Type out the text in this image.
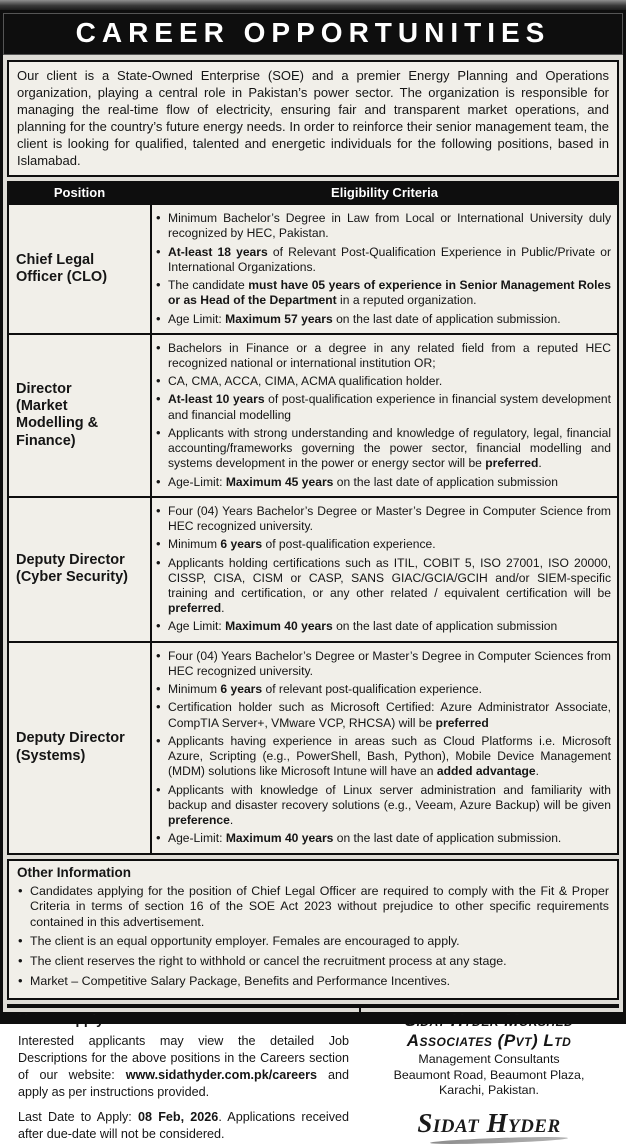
CAREER OPPORTUNITIES

Our client is a State-Owned Enterprise (SOE) and a premier Energy Planning and Operations organization, playing a central role in Pakistan’s power sector. The organization is responsible for managing the real-time flow of electricity, ensuring fair and transparent market operations, and planning for the country’s future energy needs. In order to reinforce their senior management team, the client is looking for qualified, talented and energetic individuals for the following positions, based in Islamabad.

Position	Eligibility Criteria

Chief Legal
Officer (CLO)

• Minimum Bachelor’s Degree in Law from Local or International University duly recognized by HEC, Pakistan.
• At-least 18 years of Relevant Post-Qualification Experience in Public/Private or International Organizations.
• The candidate must have 05 years of experience in Senior Management Roles or as Head of the Department in a reputed organization.
• Age Limit: Maximum 57 years on the last date of application submission.

Director
(Market
Modelling &
Finance)

• Bachelors in Finance or a degree in any related field from a reputed HEC recognized national or international institution OR;
• CA, CMA, ACCA, CIMA, ACMA qualification holder.
• At-least 10 years of post-qualification experience in financial system development and financial modelling
• Applicants with strong understanding and knowledge of regulatory, legal, financial accounting/frameworks governing the power sector, financial modelling and systems development in the power or energy sector will be preferred.
• Age-Limit: Maximum 45 years on the last date of application submission

Deputy Director
(Cyber Security)

• Four (04) Years Bachelor’s Degree or Master’s Degree in Computer Science from HEC recognized university.
• Minimum 6 years of post-qualification experience.
• Applicants holding certifications such as ITIL, COBIT 5, ISO 27001, ISO 20000, CISSP, CISA, CISM or CASP, SANS GIAC/GCIA/GCIH and/or SIEM-specific training and certification, or any other related / equivalent certification will be preferred.
• Age Limit: Maximum 40 years on the last date of application submission

Deputy Director
(Systems)

• Four (04) Years Bachelor’s Degree or Master’s Degree in Computer Sciences from HEC recognized university.
• Minimum 6 years of relevant post-qualification experience.
• Certification holder such as Microsoft Certified: Azure Administrator Associate, CompTIA Server+, VMware VCP, RHCSA) will be preferred
• Applicants having experience in areas such as Cloud Platforms i.e. Microsoft Azure, Scripting (e.g., PowerShell, Bash, Python), Mobile Device Management (MDM) solutions like Microsoft Intune will have an added advantage.
• Applicants with knowledge of Linux server administration and familiarity with backup and disaster recovery solutions (e.g., Veeam, Azure Backup) will be given preference.
• Age-Limit: Maximum 40 years on the last date of application submission.
Other Information
• Candidates applying for the position of Chief Legal Officer are required to comply with the Fit & Proper Criteria in terms of section 16 of the SOE Act 2023 without prejudice to other specific requirements contained in this advertisement.
• The client is an equal opportunity employer. Females are encouraged to apply.
• The client reserves the right to withhold or cancel the recruitment process at any stage.
• Market – Competitive Salary Package, Benefits and Performance Incentives.

Interested applicants may view the detailed Job Descriptions for the above positions in the Careers section of our website: www.sidathyder.com.pk/careers and apply as per instructions provided.

Last Date to Apply: 08 Feb, 2026. Applications received after due-date will not be considered.

Associates (Pvt) Ltd
Management Consultants
Beaumont Road, Beaumont Plaza,
Karachi, Pakistan.
Sidat Hyder
